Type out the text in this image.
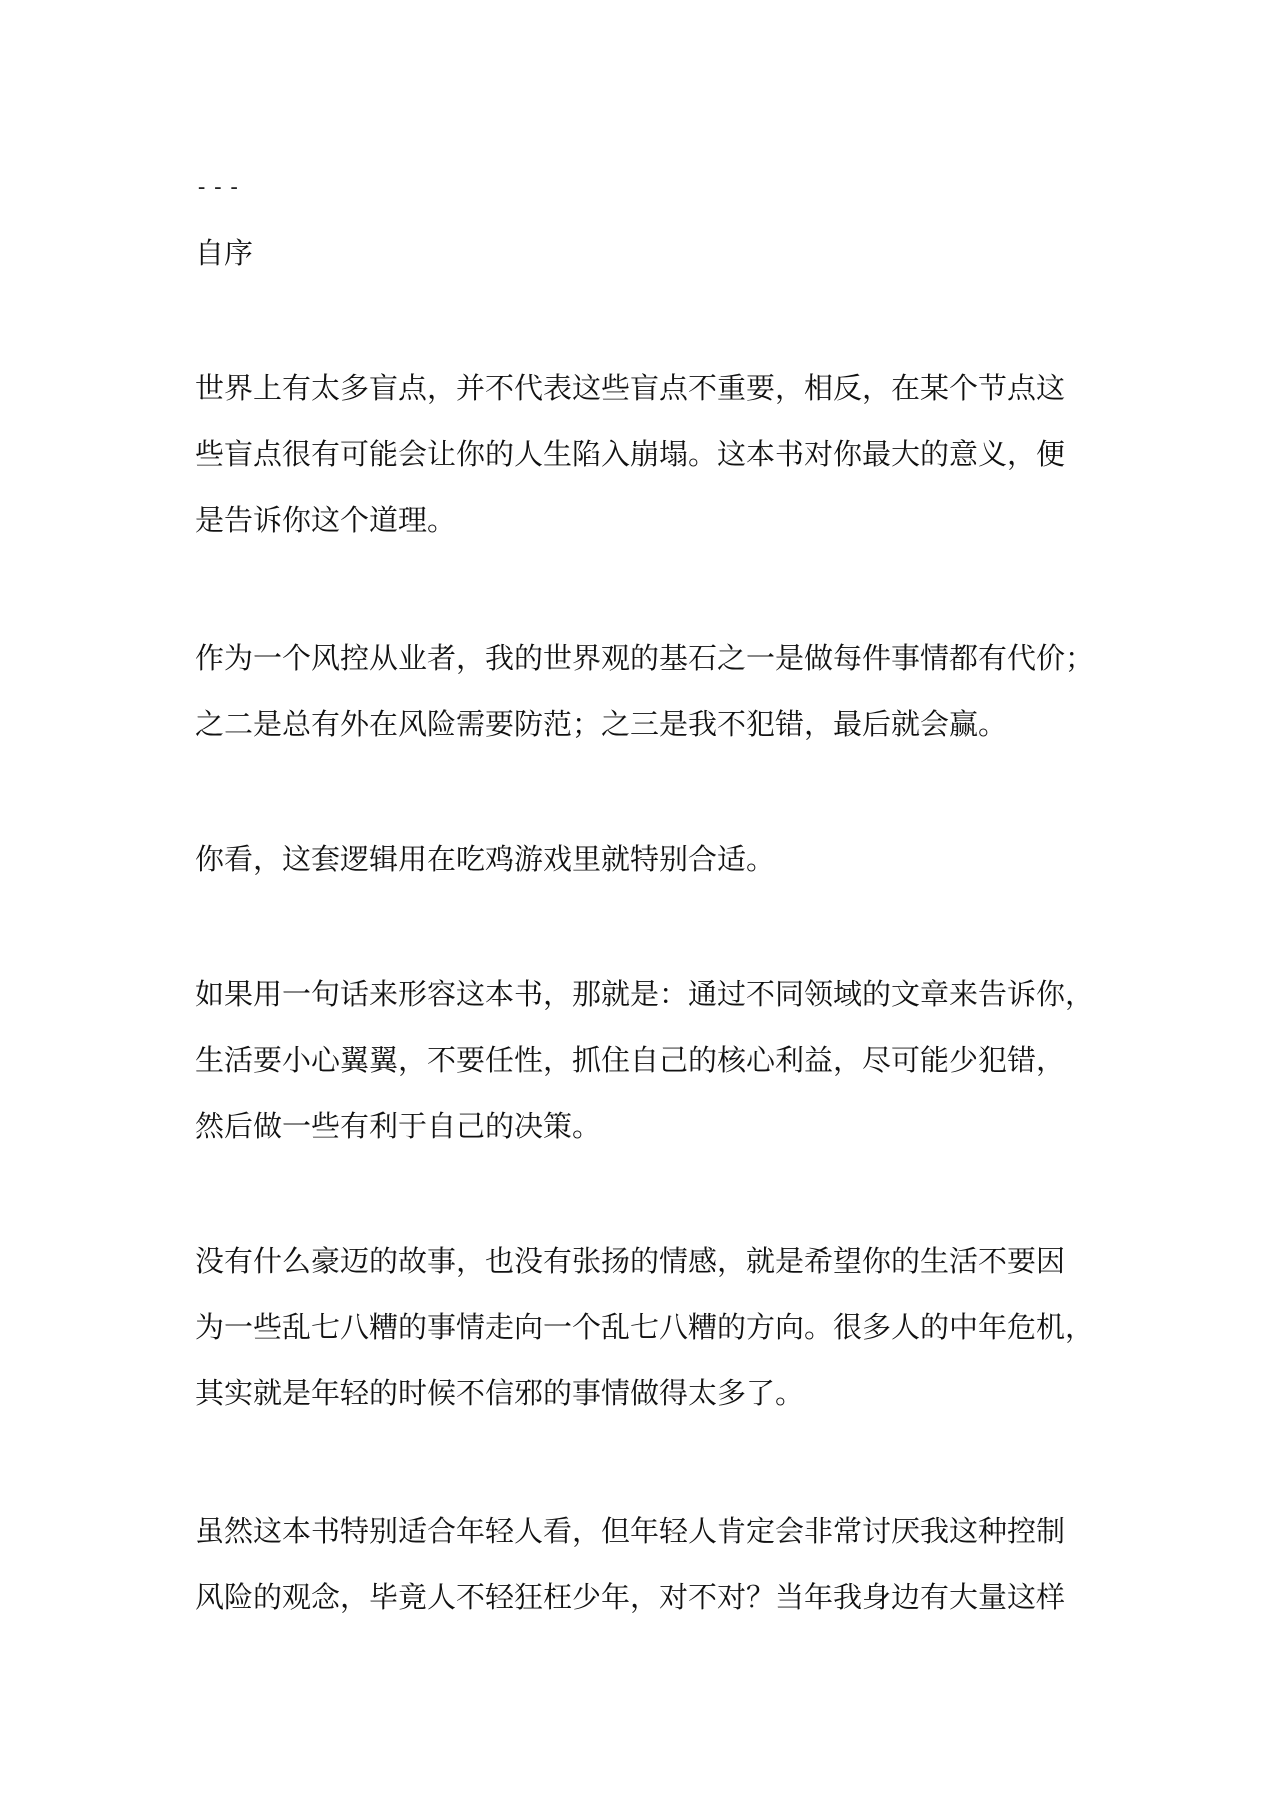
---
自序
世界上有太多盲点，并不代表这些盲点不重要，相反，在某个节点这
些盲点很有可能会让你的人生陷入崩塌。这本书对你最大的意义，便
是告诉你这个道理。
作为一个风控从业者，我的世界观的基石之一是做每件事情都有代价；
之二是总有外在风险需要防范；之三是我不犯错，最后就会赢。
你看，这套逻辑用在吃鸡游戏里就特别合适。
如果用一句话来形容这本书，那就是：通过不同领域的文章来告诉你，
生活要小心翼翼，不要任性，抓住自己的核心利益，尽可能少犯错，
然后做一些有利于自己的决策。
没有什么豪迈的故事，也没有张扬的情感，就是希望你的生活不要因
为一些乱七八糟的事情走向一个乱七八糟的方向。很多人的中年危机，
其实就是年轻的时候不信邪的事情做得太多了。
虽然这本书特别适合年轻人看，但年轻人肯定会非常讨厌我这种控制
风险的观念，毕竟人不轻狂枉少年，对不对？当年我身边有大量这样
